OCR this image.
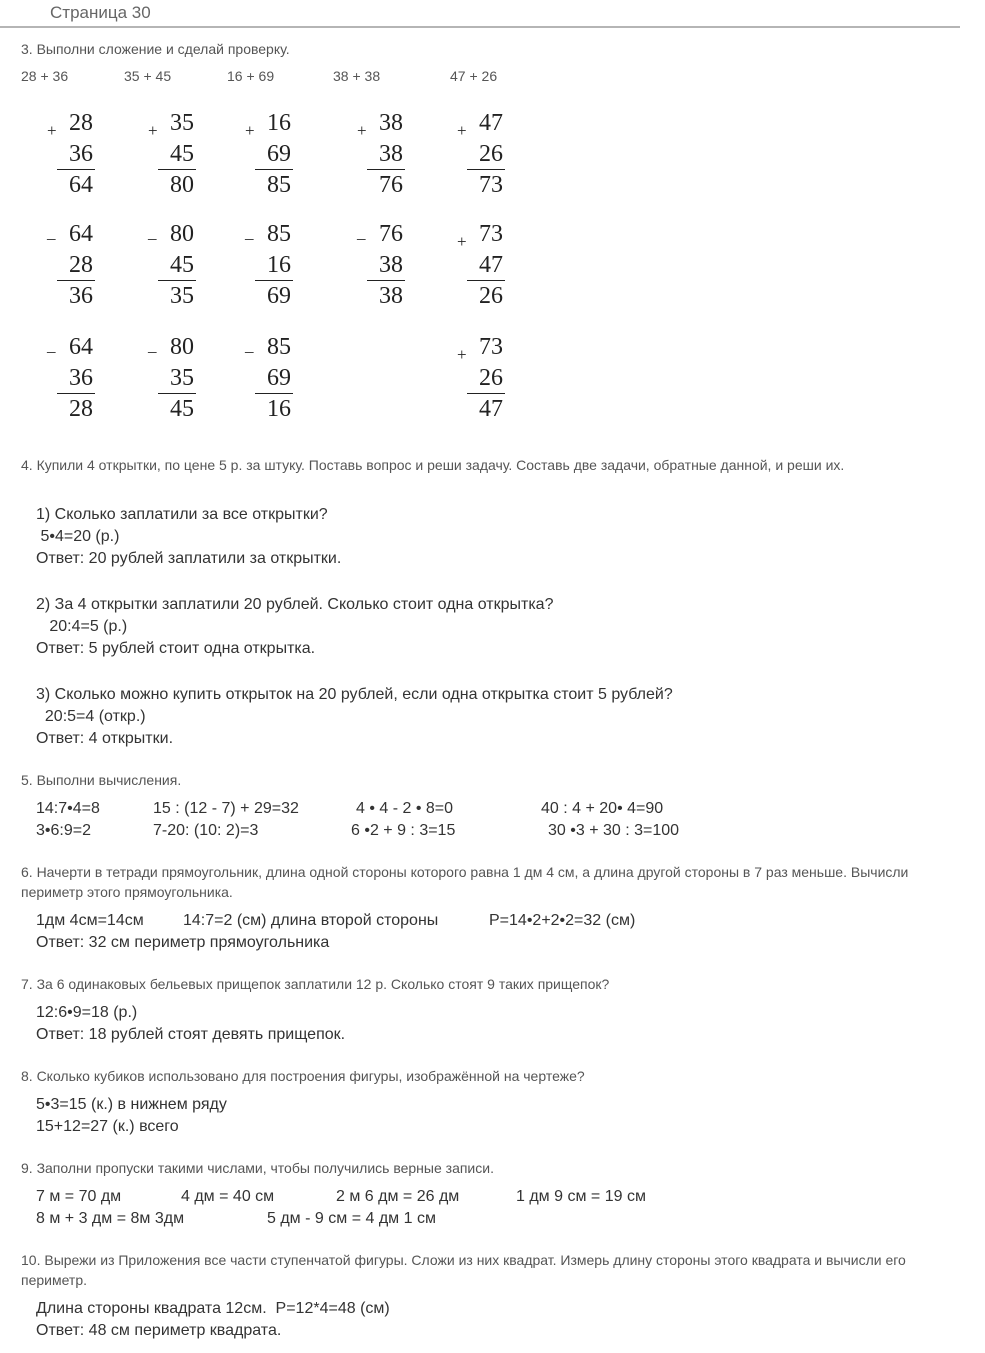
Страница 30
3. Выполни сложение и сделай проверку.
28 + 36	35 + 45	16 + 69	38 + 38	47 + 26
+ 28
36
64
+ 35
45
80
+ 16
69
85
+ 38
38
76
+ 47
26
73
_ 64
28
36
_ 80
45
35
_ 85
16
69
_ 76
38
38
+ 73
47
26
_ 64
36
28
_ 80
35
45
_ 85
69
16
+ 73
26
47
4. Купили 4 открытки, по цене 5 р. за штуку. Поставь вопрос и реши задачу. Составь две задачи, обратные данной, и реши их.
1) Сколько заплатили за все открытки?
5•4=20 (р.)
Ответ: 20 рублей заплатили за открытки.
2) За 4 открытки заплатили 20 рублей. Сколько стоит одна открытка?
20:4=5 (р.)
Ответ: 5 рублей стоит одна открытка.
3) Сколько можно купить открыток на 20 рублей, если одна открытка стоит 5 рублей?
20:5=4 (откр.)
Ответ: 4 открытки.
5. Выполни вычисления.
14:7•4=8	15 : (12 - 7) + 29=32	4 • 4 - 2 • 8=0	40 : 4 + 20• 4=90
3•6:9=2	7-20: (10: 2)=3	6 •2 + 9 : 3=15	30 •3 + 30 : 3=100
6. Начерти в тетради прямоугольник, длина одной стороны которого равна 1 дм 4 см, а длина другой стороны в 7 раз меньше. Вычисли периметр этого прямоугольника.
1дм 4см=14см 14:7=2 (см) длина второй стороны	P=14•2+2•2=32 (см)
Ответ: 32 см периметр прямоугольника
7. За 6 одинаковых бельевых прищепок заплатили 12 р. Сколько стоят 9 таких прищепок?
12:6•9=18 (р.)
Ответ: 18 рублей стоят девять прищепок.
8. Сколько кубиков использовано для построения фигуры, изображённой на чертеже?
5•3=15 (к.) в нижнем ряду
15+12=27 (к.) всего
9. Заполни пропуски такими числами, чтобы получились верные записи.
7 м = 70 дм	4 дм = 40 см	2 м 6 дм = 26 дм	1 дм 9 см = 19 см
8 м + 3 дм = 8м 3дм	5 дм - 9 см = 4 дм 1 см
10. Вырежи из Приложения все части ступенчатой фигуры. Сложи из них квадрат. Измерь длину стороны этого квадрата и вычисли его периметр.
Длина стороны квадрата 12см.  P=12*4=48 (см)
Ответ: 48 см периметр квадрата.
